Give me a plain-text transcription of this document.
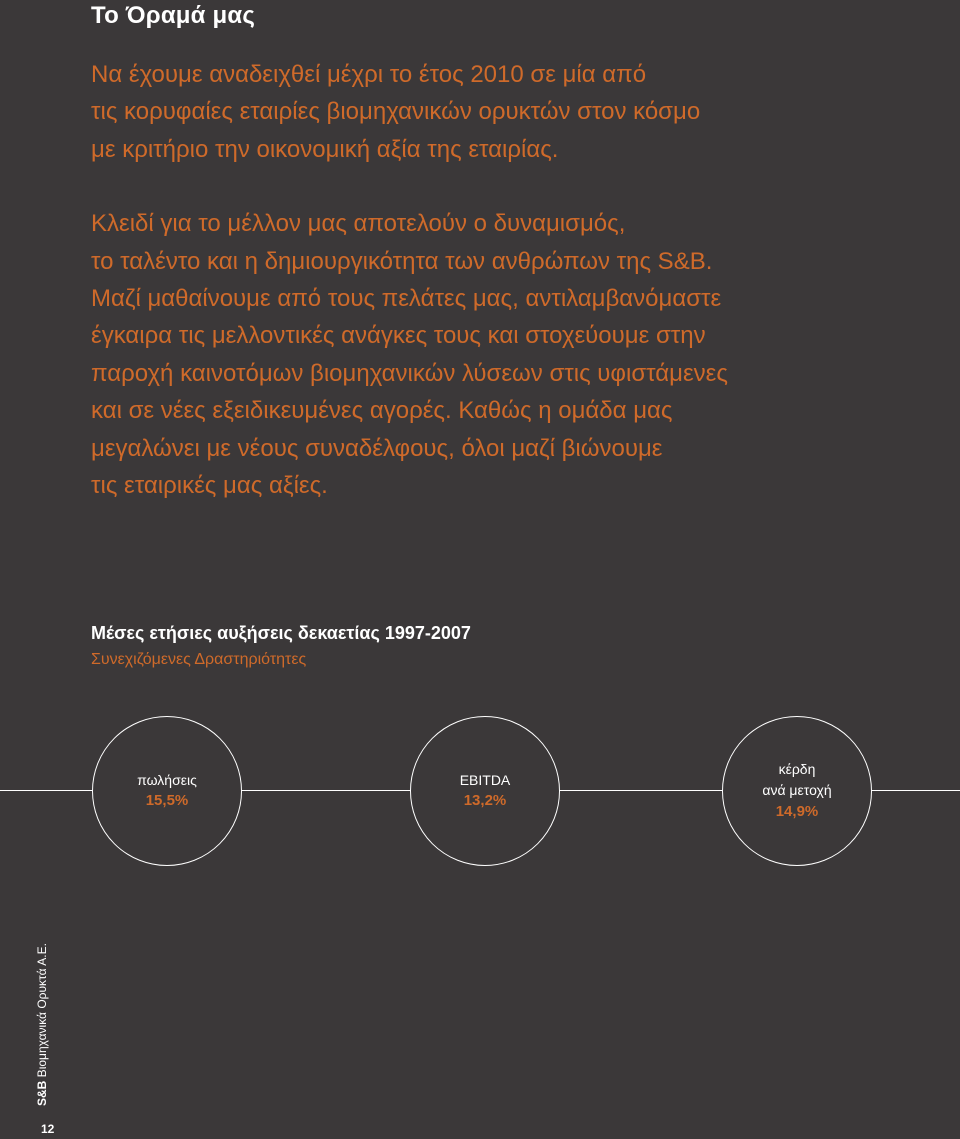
Το Όραμά μας

Να έχουμε αναδειχθεί μέχρι το έτος 2010 σε μία από

τις κορυφαίες εταιρίες βιομηχανικών ορυκτών στον κόσμο

με κριτήριο την οικονομική αξία της εταιρίας.

Κλειδί για το μέλλον μας αποτελούν ο δυναμισμός,

το ταλέντο και η δημιουργικότητα των ανθρώπων της S&B.

Μαζί μαθαίνουμε από τους πελάτες μας, αντιλαμβανόμαστε

έγκαιρα τις μελλοντικές ανάγκες τους και στοχεύουμε στην

παροχή καινοτόμων βιομηχανικών λύσεων στις υφιστάμενες

και σε νέες εξειδικευμένες αγορές. Καθώς η ομάδα μας

μεγαλώνει με νέους συναδέλφους, όλοι μαζί βιώνουμε

τις εταιρικές μας αξίες.

Μέσες ετήσιες αυξήσεις δεκαετίας 1997-2007

Συνεχιζόμενες Δραστηριότητες

πωλήσεις
15,5%
EBITDA
13,2%
κέρδη
ανά μετοχή
14,9%
S&B Βιομηχανικά Ορυκτά Α.Ε.
12
